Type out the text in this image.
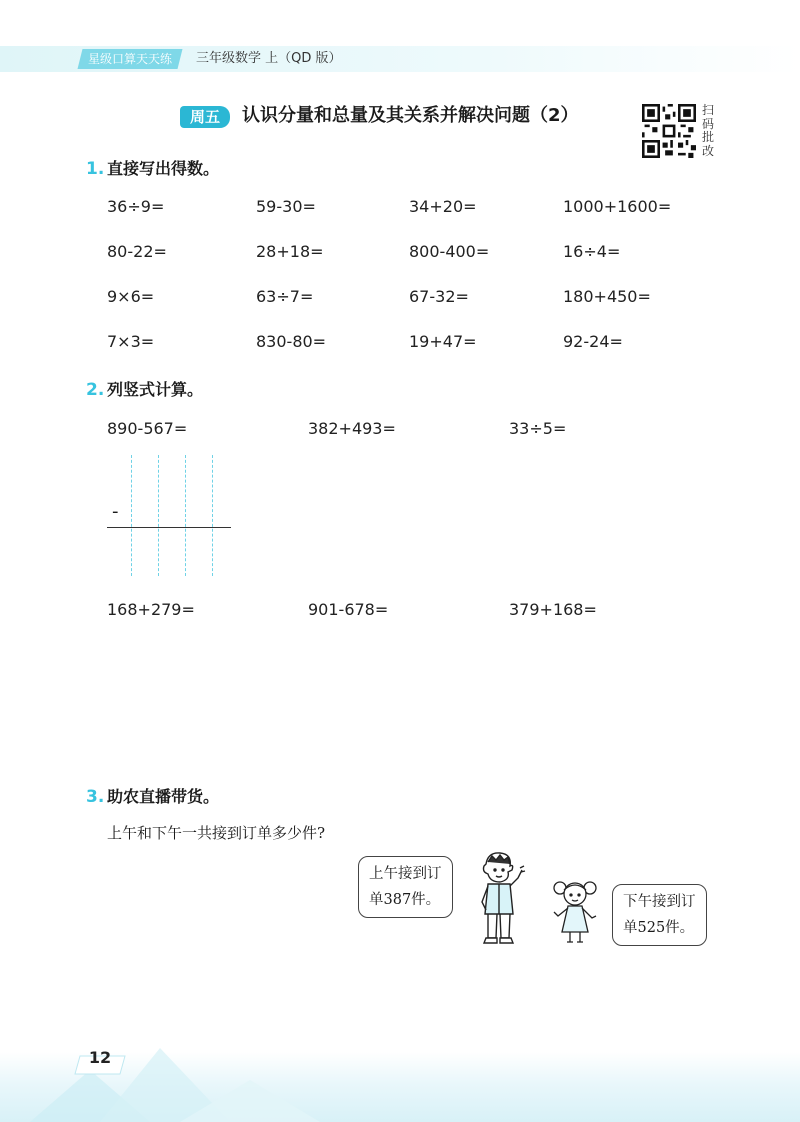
星级口算天天练	三年级数学 上（QD 版）
周五	认识分量和总量及其关系并解决问题（2）	扫码批改
1. 直接写出得数。
36÷9=	59-30=	34+20=	1000+1600=
80-22=	28+18=	800-400=	16÷4=
9×6=	63÷7=	67-32=	180+450=
7×3=	830-80=	19+47=	92-24=
2. 列竖式计算。
890-567=	382+493=	33÷5=
-
168+279=	901-678=	379+168=
3. 助农直播带货。
上午和下午一共接到订单多少件?
上午接到订
单387件。	下午接到订
单525件。
12
